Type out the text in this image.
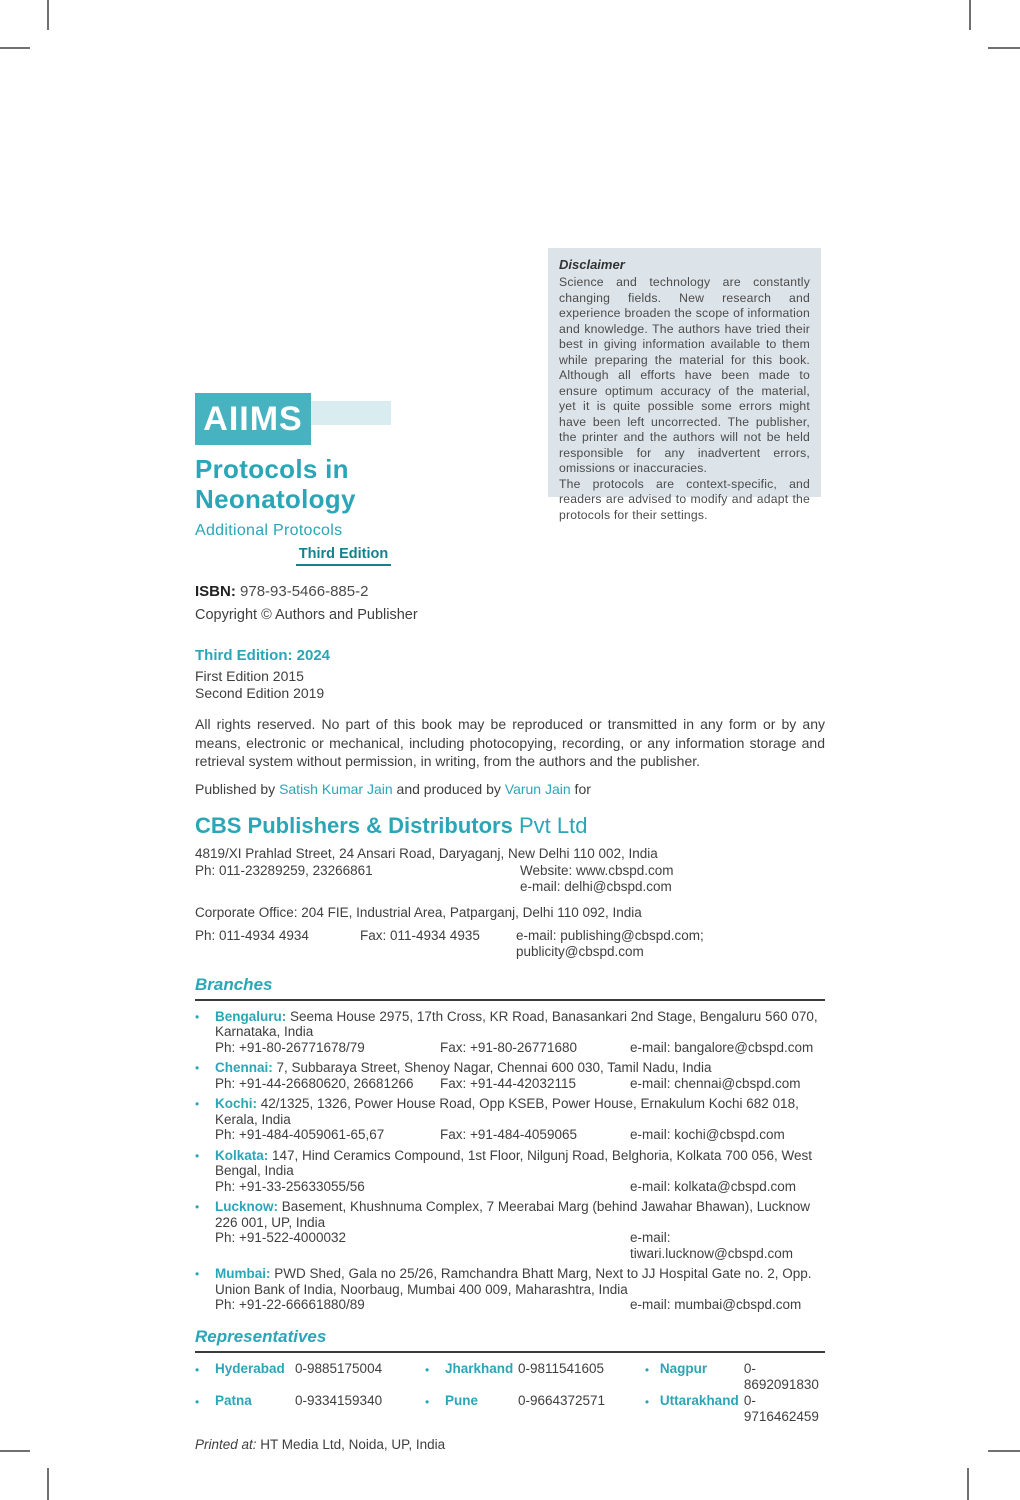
Disclaimer

Science and technology are constantly changing fields. New research and experience broaden the scope of information and knowledge. The authors have tried their best in giving information available to them while preparing the material for this book. Although all efforts have been made to ensure optimum accuracy of the material, yet it is quite possible some errors might have been left uncorrected. The publisher, the printer and the authors will not be held responsible for any inadvertent errors, omissions or inaccuracies.

The protocols are context-specific, and readers are advised to modify and adapt the protocols for their settings.

AIIMS
Protocols in
Neonatology
Additional Protocols
Third Edition
ISBN: 978-93-5466-885-2
Copyright © Authors and Publisher
Third Edition: 2024
First Edition 2015
Second Edition 2019

All rights reserved. No part of this book may be reproduced or transmitted in any form or by any means, electronic or mechanical, including photocopying, recording, or any information storage and retrieval system without permission, in writing, from the authors and the publisher.

Published by Satish Kumar Jain and produced by Varun Jain for
CBS Publishers & Distributors Pvt Ltd
4819/XI Prahlad Street, 24 Ansari Road, Daryaganj, New Delhi 110 002, India
Ph: 011-23289259, 23266861	Website: www.cbspd.com
e-mail: delhi@cbspd.com
Corporate Office: 204 FIE, Industrial Area, Patparganj, Delhi 110 092, India
Ph: 011-4934 4934	Fax: 011-4934 4935	e-mail: publishing@cbspd.com; publicity@cbspd.com
Branches
•	Bengaluru: Seema House 2975, 17th Cross, KR Road, Banasankari 2nd Stage, Bengaluru 560 070, Karnataka, India
Ph: +91-80-26771678/79	Fax: +91-80-26771680	e-mail: bangalore@cbspd.com
•	Chennai: 7, Subbaraya Street, Shenoy Nagar, Chennai 600 030, Tamil Nadu, India
Ph: +91-44-26680620, 26681266	Fax: +91-44-42032115	e-mail: chennai@cbspd.com
•	Kochi: 42/1325, 1326, Power House Road, Opp KSEB, Power House, Ernakulum Kochi 682 018, Kerala, India
Ph: +91-484-4059061-65,67	Fax: +91-484-4059065	e-mail: kochi@cbspd.com
•	Kolkata: 147, Hind Ceramics Compound, 1st Floor, Nilgunj Road, Belghoria, Kolkata 700 056, West Bengal, India
Ph: +91-33-25633055/56	e-mail: kolkata@cbspd.com
•	Lucknow: Basement, Khushnuma Complex, 7 Meerabai Marg (behind Jawahar Bhawan), Lucknow 226 001, UP, India
Ph: +91-522-4000032	e-mail: tiwari.lucknow@cbspd.com
•	Mumbai: PWD Shed, Gala no 25/26, Ramchandra Bhatt Marg, Next to JJ Hospital Gate no. 2, Opp. Union Bank of India, Noorbaug, Mumbai 400 009, Maharashtra, India
Ph: +91-22-66661880/89	e-mail: mumbai@cbspd.com
Representatives
•	Hyderabad 0-9885175004	•	Jharkhand 0-9811541605	• Nagpur	0-8692091830
•	Patna	0-9334159340	•	Pune	0-9664372571	• Uttarakhand 0-9716462459
Printed at: HT Media Ltd, Noida, UP, India
